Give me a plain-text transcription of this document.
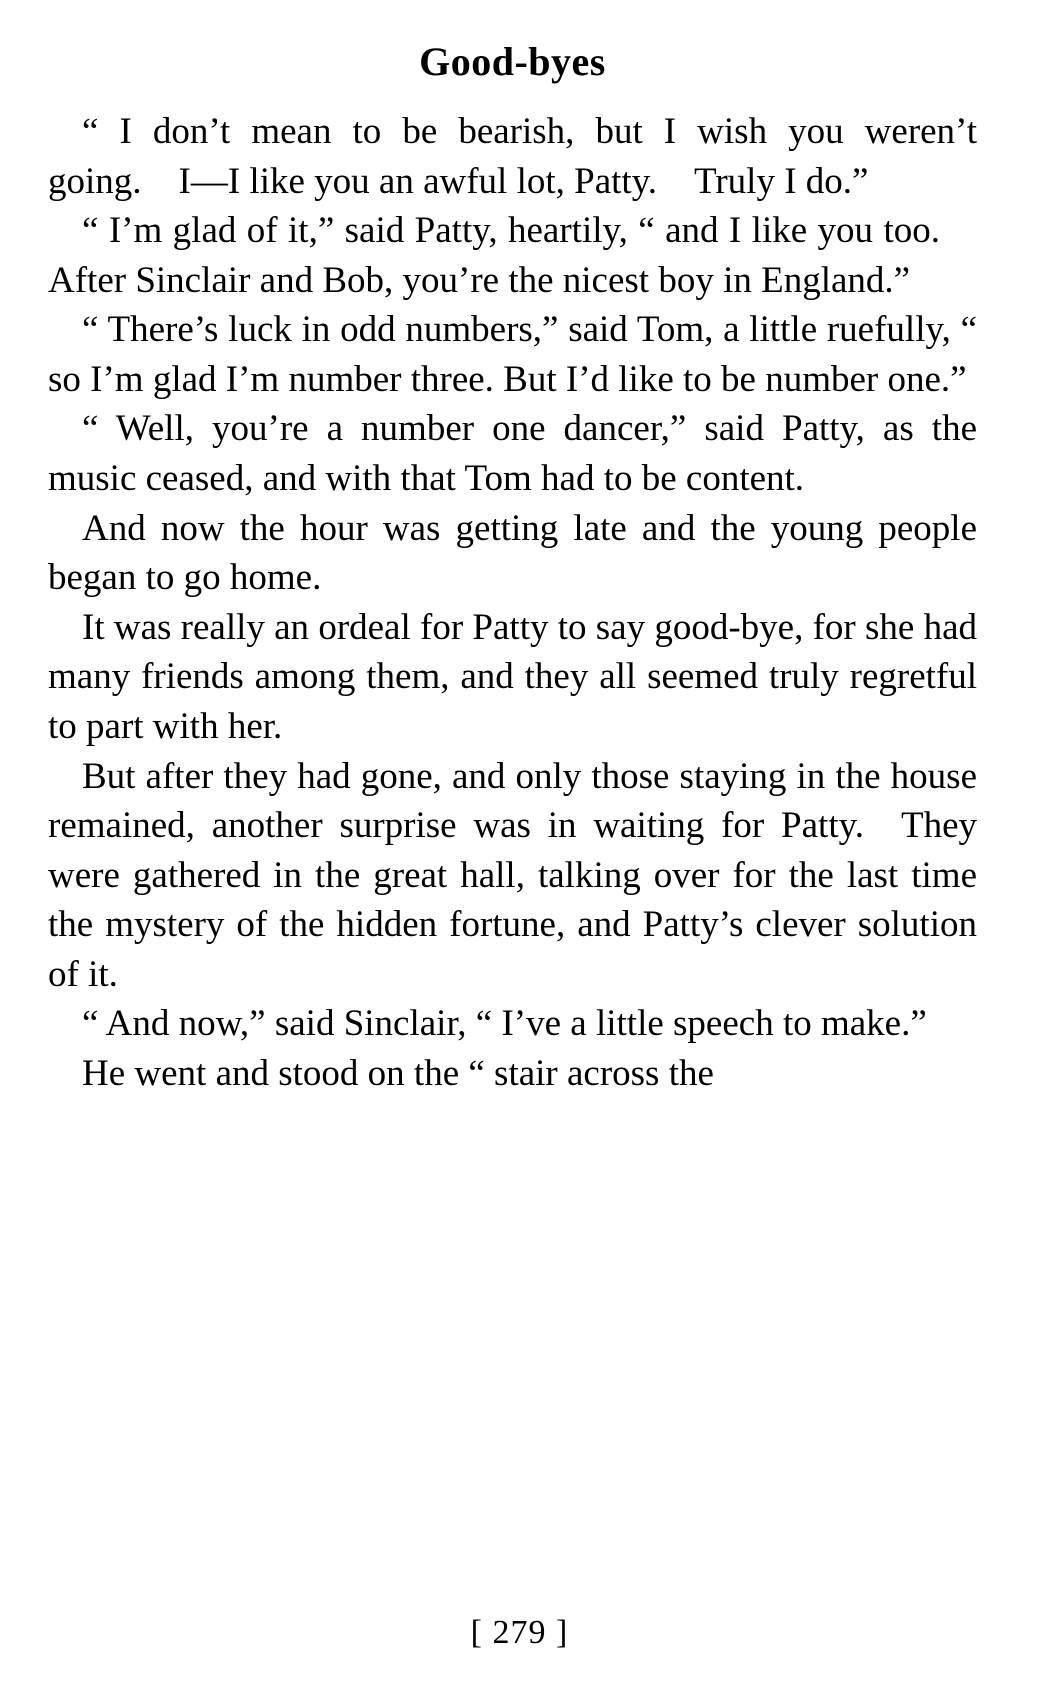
Good-byes

“ I don’t mean to be bearish, but I wish you weren’t going. I—I like you an awful lot, Patty. Truly I do.”

“ I’m glad of it,” said Patty, heartily, “ and I like you too. After Sinclair and Bob, you’re the nicest boy in England.”

“ There’s luck in odd numbers,” said Tom, a little ruefully, “ so I’m glad I’m number three. But I’d like to be number one.”

“ Well, you’re a number one dancer,” said Patty, as the music ceased, and with that Tom had to be content.

And now the hour was getting late and the young people began to go home.

It was really an ordeal for Patty to say good-bye, for she had many friends among them, and they all seemed truly regretful to part with her.

But after they had gone, and only those staying in the house remained, another surprise was in waiting for Patty. They were gathered in the great hall, talking over for the last time the mystery of the hidden fortune, and Patty’s clever solution of it.

“ And now,” said Sinclair, “ I’ve a little speech to make.”

He went and stood on the “ stair across the

[ 279 ]
